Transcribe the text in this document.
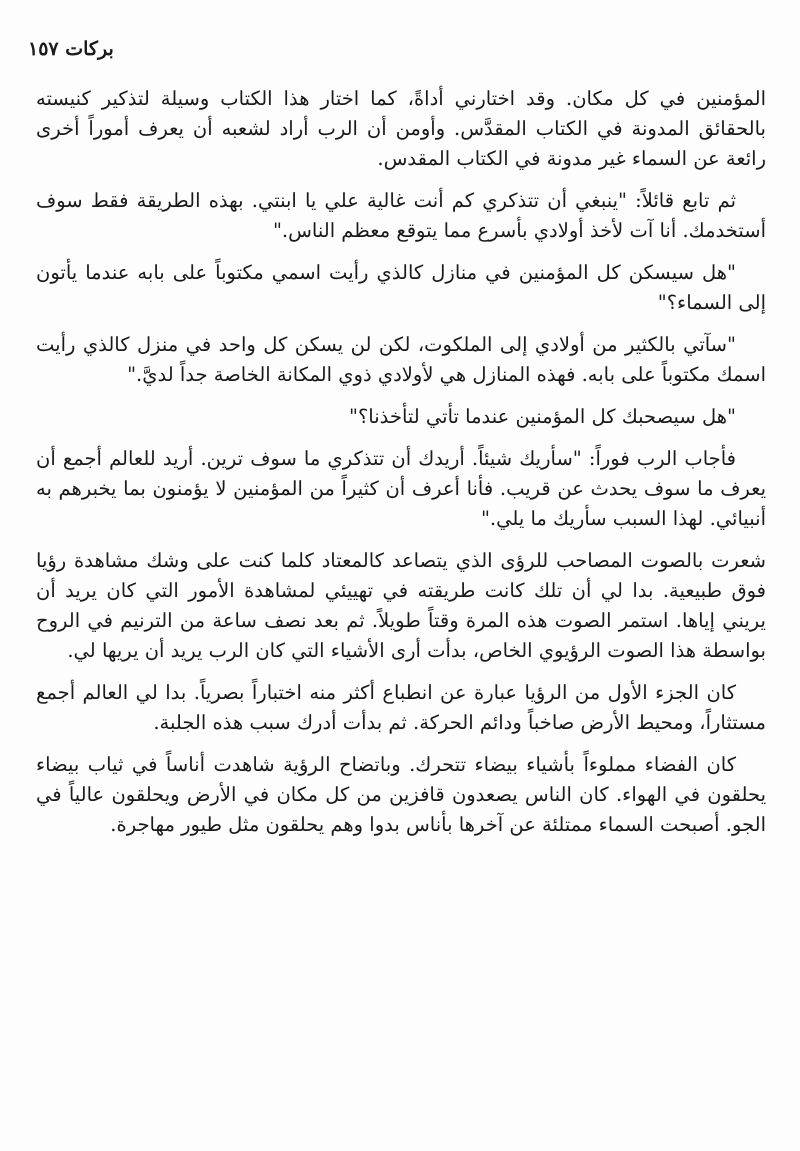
بركات ١٥٧

المؤمنين في كل مكان. وقد اختارني أداةً، كما اختار هذا الكتاب وسيلة لتذكير كنيسته بالحقائق المدونة في الكتاب المقدَّس. وأومن أن الرب أراد لشعبه أن يعرف أموراً أخرى رائعة عن السماء غير مدونة في الكتاب المقدس.

ثم تابع قائلاً: "ينبغي أن تتذكري كم أنت غالية علي يا ابنتي. بهذه الطريقة فقط سوف أستخدمك. أنا آت لأخذ أولادي بأسرع مما يتوقع معظم الناس."

"هل سيسكن كل المؤمنين في منازل كالذي رأيت اسمي مكتوباً على بابه عندما يأتون إلى السماء؟"

"سآتي بالكثير من أولادي إلى الملكوت، لكن لن يسكن كل واحد في منزل كالذي رأيت اسمك مكتوباً على بابه. فهذه المنازل هي لأولادي ذوي المكانة الخاصة جداً لديَّ."

"هل سيصحبك كل المؤمنين عندما تأتي لتأخذنا؟"

فأجاب الرب فوراً: "سأريك شيئاً. أريدك أن تتذكري ما سوف ترين. أريد للعالم أجمع أن يعرف ما سوف يحدث عن قريب. فأنا أعرف أن كثيراً من المؤمنين لا يؤمنون بما يخبرهم به أنبيائي. لهذا السبب سأريك ما يلي."

شعرت بالصوت المصاحب للرؤى الذي يتصاعد كالمعتاد كلما كنت على وشك مشاهدة رؤيا فوق طبيعية. بدا لي أن تلك كانت طريقته في تهييئي لمشاهدة الأمور التي كان يريد أن يريني إياها. استمر الصوت هذه المرة وقتاً طويلاً. ثم بعد نصف ساعة من الترنيم في الروح بواسطة هذا الصوت الرؤيوي الخاص، بدأت أرى الأشياء التي كان الرب يريد أن يريها لي.

كان الجزء الأول من الرؤيا عبارة عن انطباع أكثر منه اختباراً بصرياً. بدا لي العالم أجمع مستثاراً، ومحيط الأرض صاخباً ودائم الحركة. ثم بدأت أدرك سبب هذه الجلبة.

كان الفضاء مملوءاً بأشياء بيضاء تتحرك. وباتضاح الرؤية شاهدت أناساً في ثياب بيضاء يحلقون في الهواء. كان الناس يصعدون قافزين من كل مكان في الأرض ويحلقون عالياً في الجو. أصبحت السماء ممتلئة عن آخرها بأناس بدوا وهم يحلقون مثل طيور مهاجرة.
